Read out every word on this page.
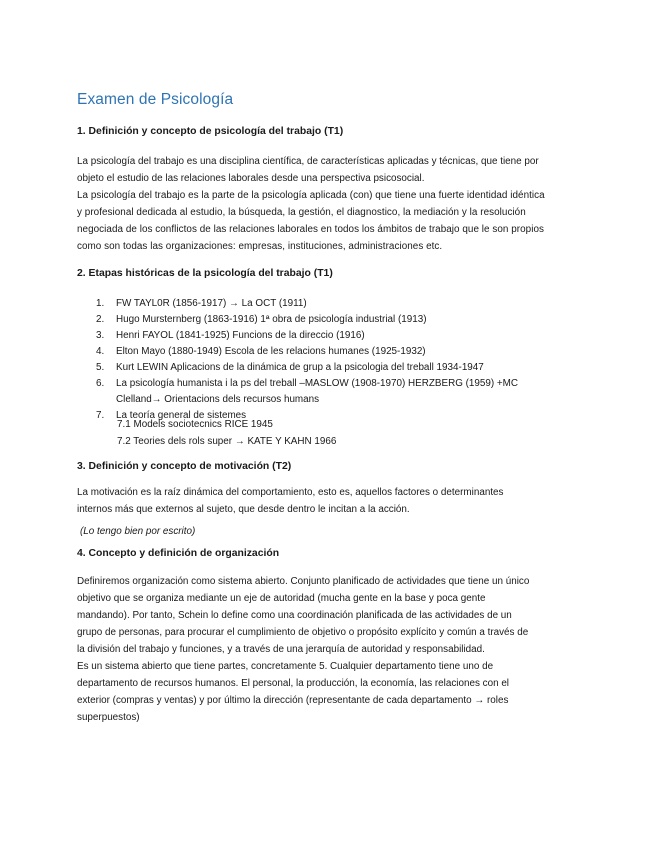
Examen de Psicología
1. Definición y concepto de psicología del trabajo (T1)
La psicología del trabajo es una disciplina científica, de características aplicadas y técnicas, que tiene por
objeto el estudio de las relaciones laborales desde una perspectiva psicosocial.
La psicología del trabajo es la parte de la psicología aplicada (con) que tiene una fuerte identidad idéntica
y profesional dedicada al estudio, la búsqueda, la gestión, el diagnostico, la mediación y la resolución
negociada de los conflictos de las relaciones laborales en todos los ámbitos de trabajo que le son propios
como son todas las organizaciones: empresas, instituciones, administraciones etc.
2. Etapas históricas de la psicología del trabajo (T1)
1.	FW TAYL0R (1856-1917) → La OCT (1911)
2.	Hugo Mursternberg (1863-1916) 1ª obra de psicología industrial (1913)
3.	Henri FAYOL (1841-1925) Funcions de la direccio (1916)
4.	Elton Mayo (1880-1949) Escola de les relacions humanes (1925-1932)
5.	Kurt LEWIN Aplicacions de la dinámica de grup a la psicologia del treball 1934-1947
6.	La psicología humanista i la ps del treball –MASLOW (1908-1970) HERZBERG (1959) +MC
Clelland→ Orientacions dels recursos humans
7.	La teoría general de sistemes
7.1 Models sociotecnics RICE 1945
7.2 Teories dels rols super → KATE Y KAHN 1966
3. Definición y concepto de motivación (T2)
La motivación es la raíz dinámica del comportamiento, esto es, aquellos factores o determinantes
internos más que externos al sujeto, que desde dentro le incitan a la acción.
(Lo tengo bien por escrito)
4. Concepto y definición de organización
Definiremos organización como sistema abierto. Conjunto planificado de actividades que tiene un único
objetivo que se organiza mediante un eje de autoridad (mucha gente en la base y poca gente
mandando). Por tanto, Schein lo define como una coordinación planificada de las actividades de un
grupo de personas, para procurar el cumplimiento de objetivo o propósito explícito y común a través de
la división del trabajo y funciones, y a través de una jerarquía de autoridad y responsabilidad.
Es un sistema abierto que tiene partes, concretamente 5. Cualquier departamento tiene uno de
departamento de recursos humanos. El personal, la producción, la economía, las relaciones con el
exterior (compras y ventas) y por último la dirección (representante de cada departamento → roles
superpuestos)
